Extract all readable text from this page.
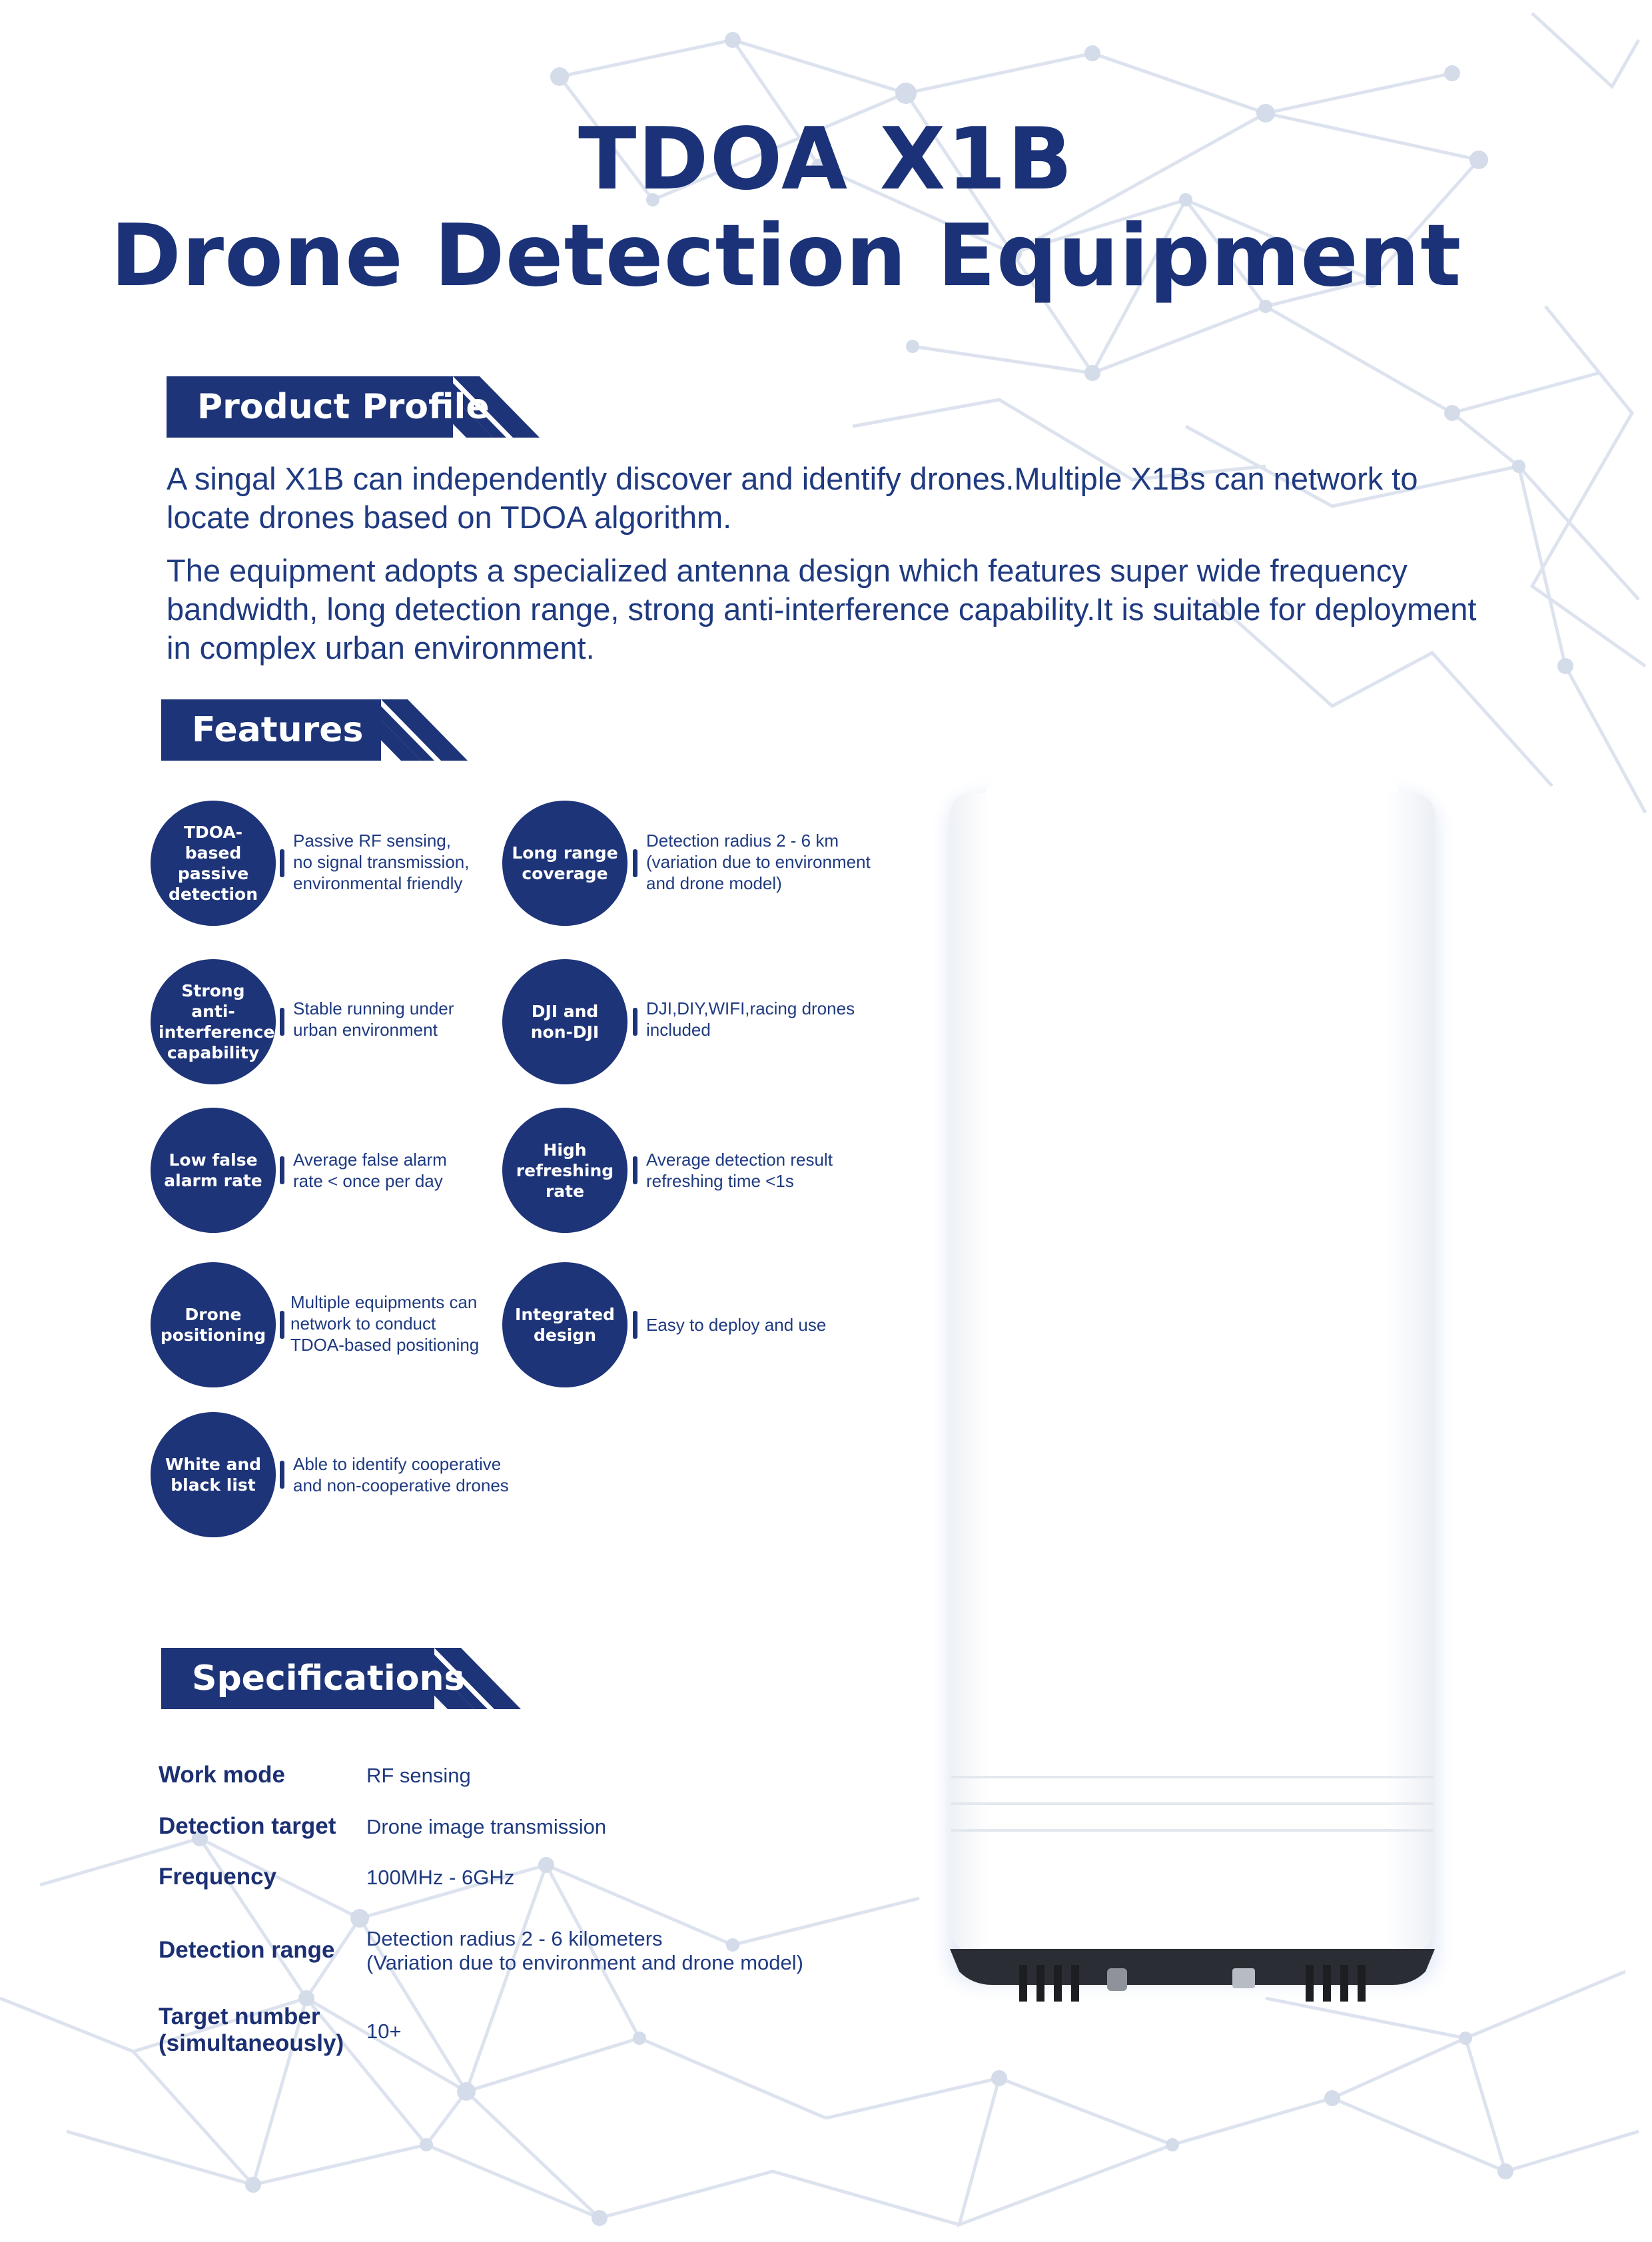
TDOA X1B
Drone Detection Equipment
Product Profile
A singal X1B can independently discover and identify drones.Multiple X1Bs can network to locate drones based on TDOA algorithm.
The equipment adopts a specialized antenna design which features super wide frequency bandwidth, long detection range, strong anti-interference capability.It is suitable for deployment in complex urban environment.
Features
TDOA-based passive detection
Passive RF sensing,
no signal transmission,
environmental friendly
Long range coverage
Detection radius 2 - 6 km
(variation due to environment
and drone model)
Strong anti-interference capability
Stable running under
urban environment
DJI and non-DJI
DJI,DIY,WIFI,racing drones
included
Low false alarm rate
Average false alarm
rate < once per day
High refreshing rate
Average detection result
refreshing time <1s
Drone positioning
Multiple equipments can
network to conduct
TDOA-based positioning
Integrated design
Easy to deploy and use
White and black list
Able to identify cooperative
and non-cooperative drones
Specifications
Work mode	RF sensing
Detection target Drone image transmission
Frequency	100MHz - 6GHz
Detection range Detection radius 2 - 6 kilometers
(Variation due to environment and drone model)
Target number
(simultaneously) 10+
